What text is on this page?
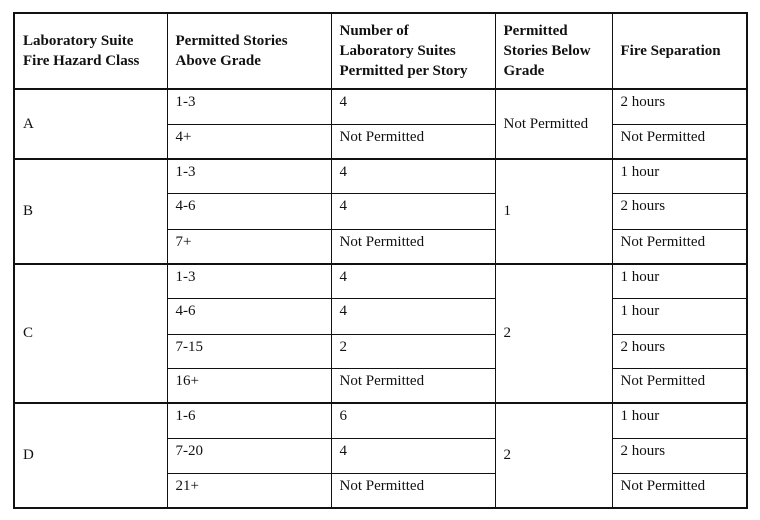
Laboratory Suite Fire Hazard Class	Permitted Stories Above Grade	Number of Laboratory Suites Permitted per Story	Permitted Stories Below Grade	Fire Separation
A	1-3	4	Not Permitted	2 hours
	4+	Not Permitted		Not Permitted
B	1-3	4	1	1 hour
	4-6	4		2 hours
	7+	Not Permitted		Not Permitted
C	1-3	4	2	1 hour
	4-6	4		1 hour
	7-15	2		2 hours
	16+	Not Permitted		Not Permitted
D	1-6	6	2	1 hour
	7-20	4		2 hours
	21+	Not Permitted		Not Permitted
